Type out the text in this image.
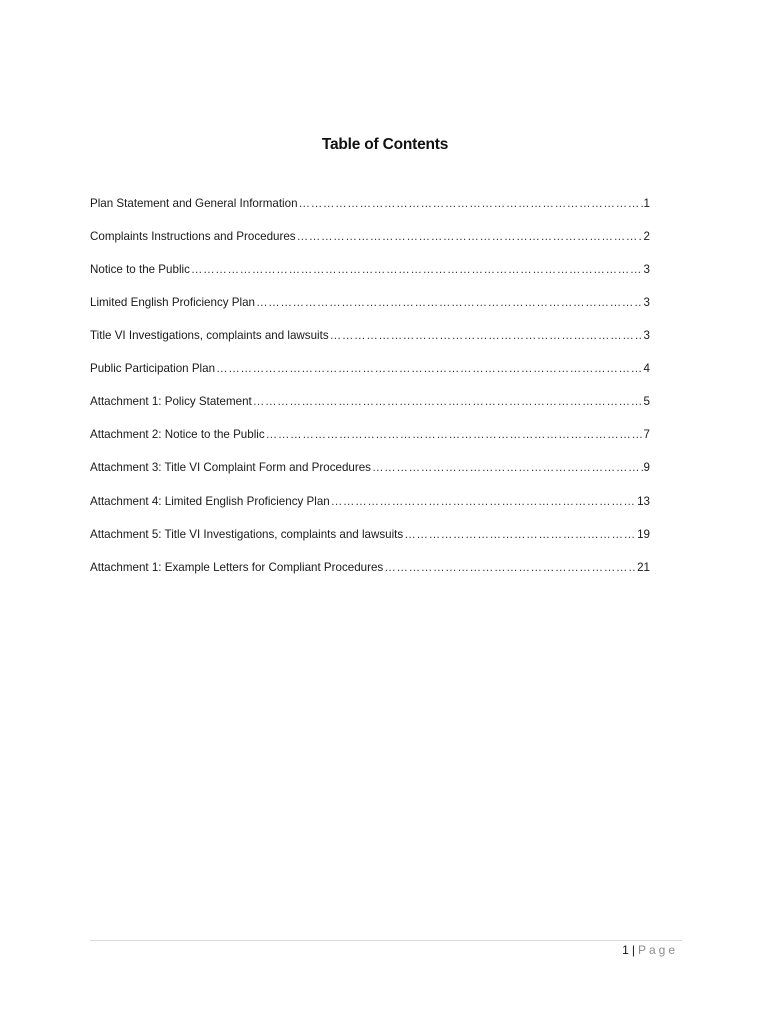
Table of Contents
Plan Statement and General Information ………………………………………………………………………………………………………………………………………………………………………………………………	1
Complaints Instructions and Procedures ………………………………………………………………………………………………………………………………………………………………………………………………	2
Notice to the Public ………………………………………………………………………………………………………………………………………………………………………………………………	3
Limited English Proficiency Plan ………………………………………………………………………………………………………………………………………………………………………………………………	3
Title VI Investigations, complaints and lawsuits ………………………………………………………………………………………………………………………………………………………………………………………………	3
Public Participation Plan ………………………………………………………………………………………………………………………………………………………………………………………………	4
Attachment 1: Policy Statement ………………………………………………………………………………………………………………………………………………………………………………………………	5
Attachment 2: Notice to the Public ………………………………………………………………………………………………………………………………………………………………………………………………	7
Attachment 3: Title VI Complaint Form and Procedures ………………………………………………………………………………………………………………………………………………………………………………………………	9
Attachment 4: Limited English Proficiency Plan ………………………………………………………………………………………………………………………………………………………………………………………………	13
Attachment 5: Title VI Investigations, complaints and lawsuits ………………………………………………………………………………………………………………………………………………………………………………………………	19
Attachment 1: Example Letters for Compliant Procedures ………………………………………………………………………………………………………………………………………………………………………………………………	21
1 | Page
